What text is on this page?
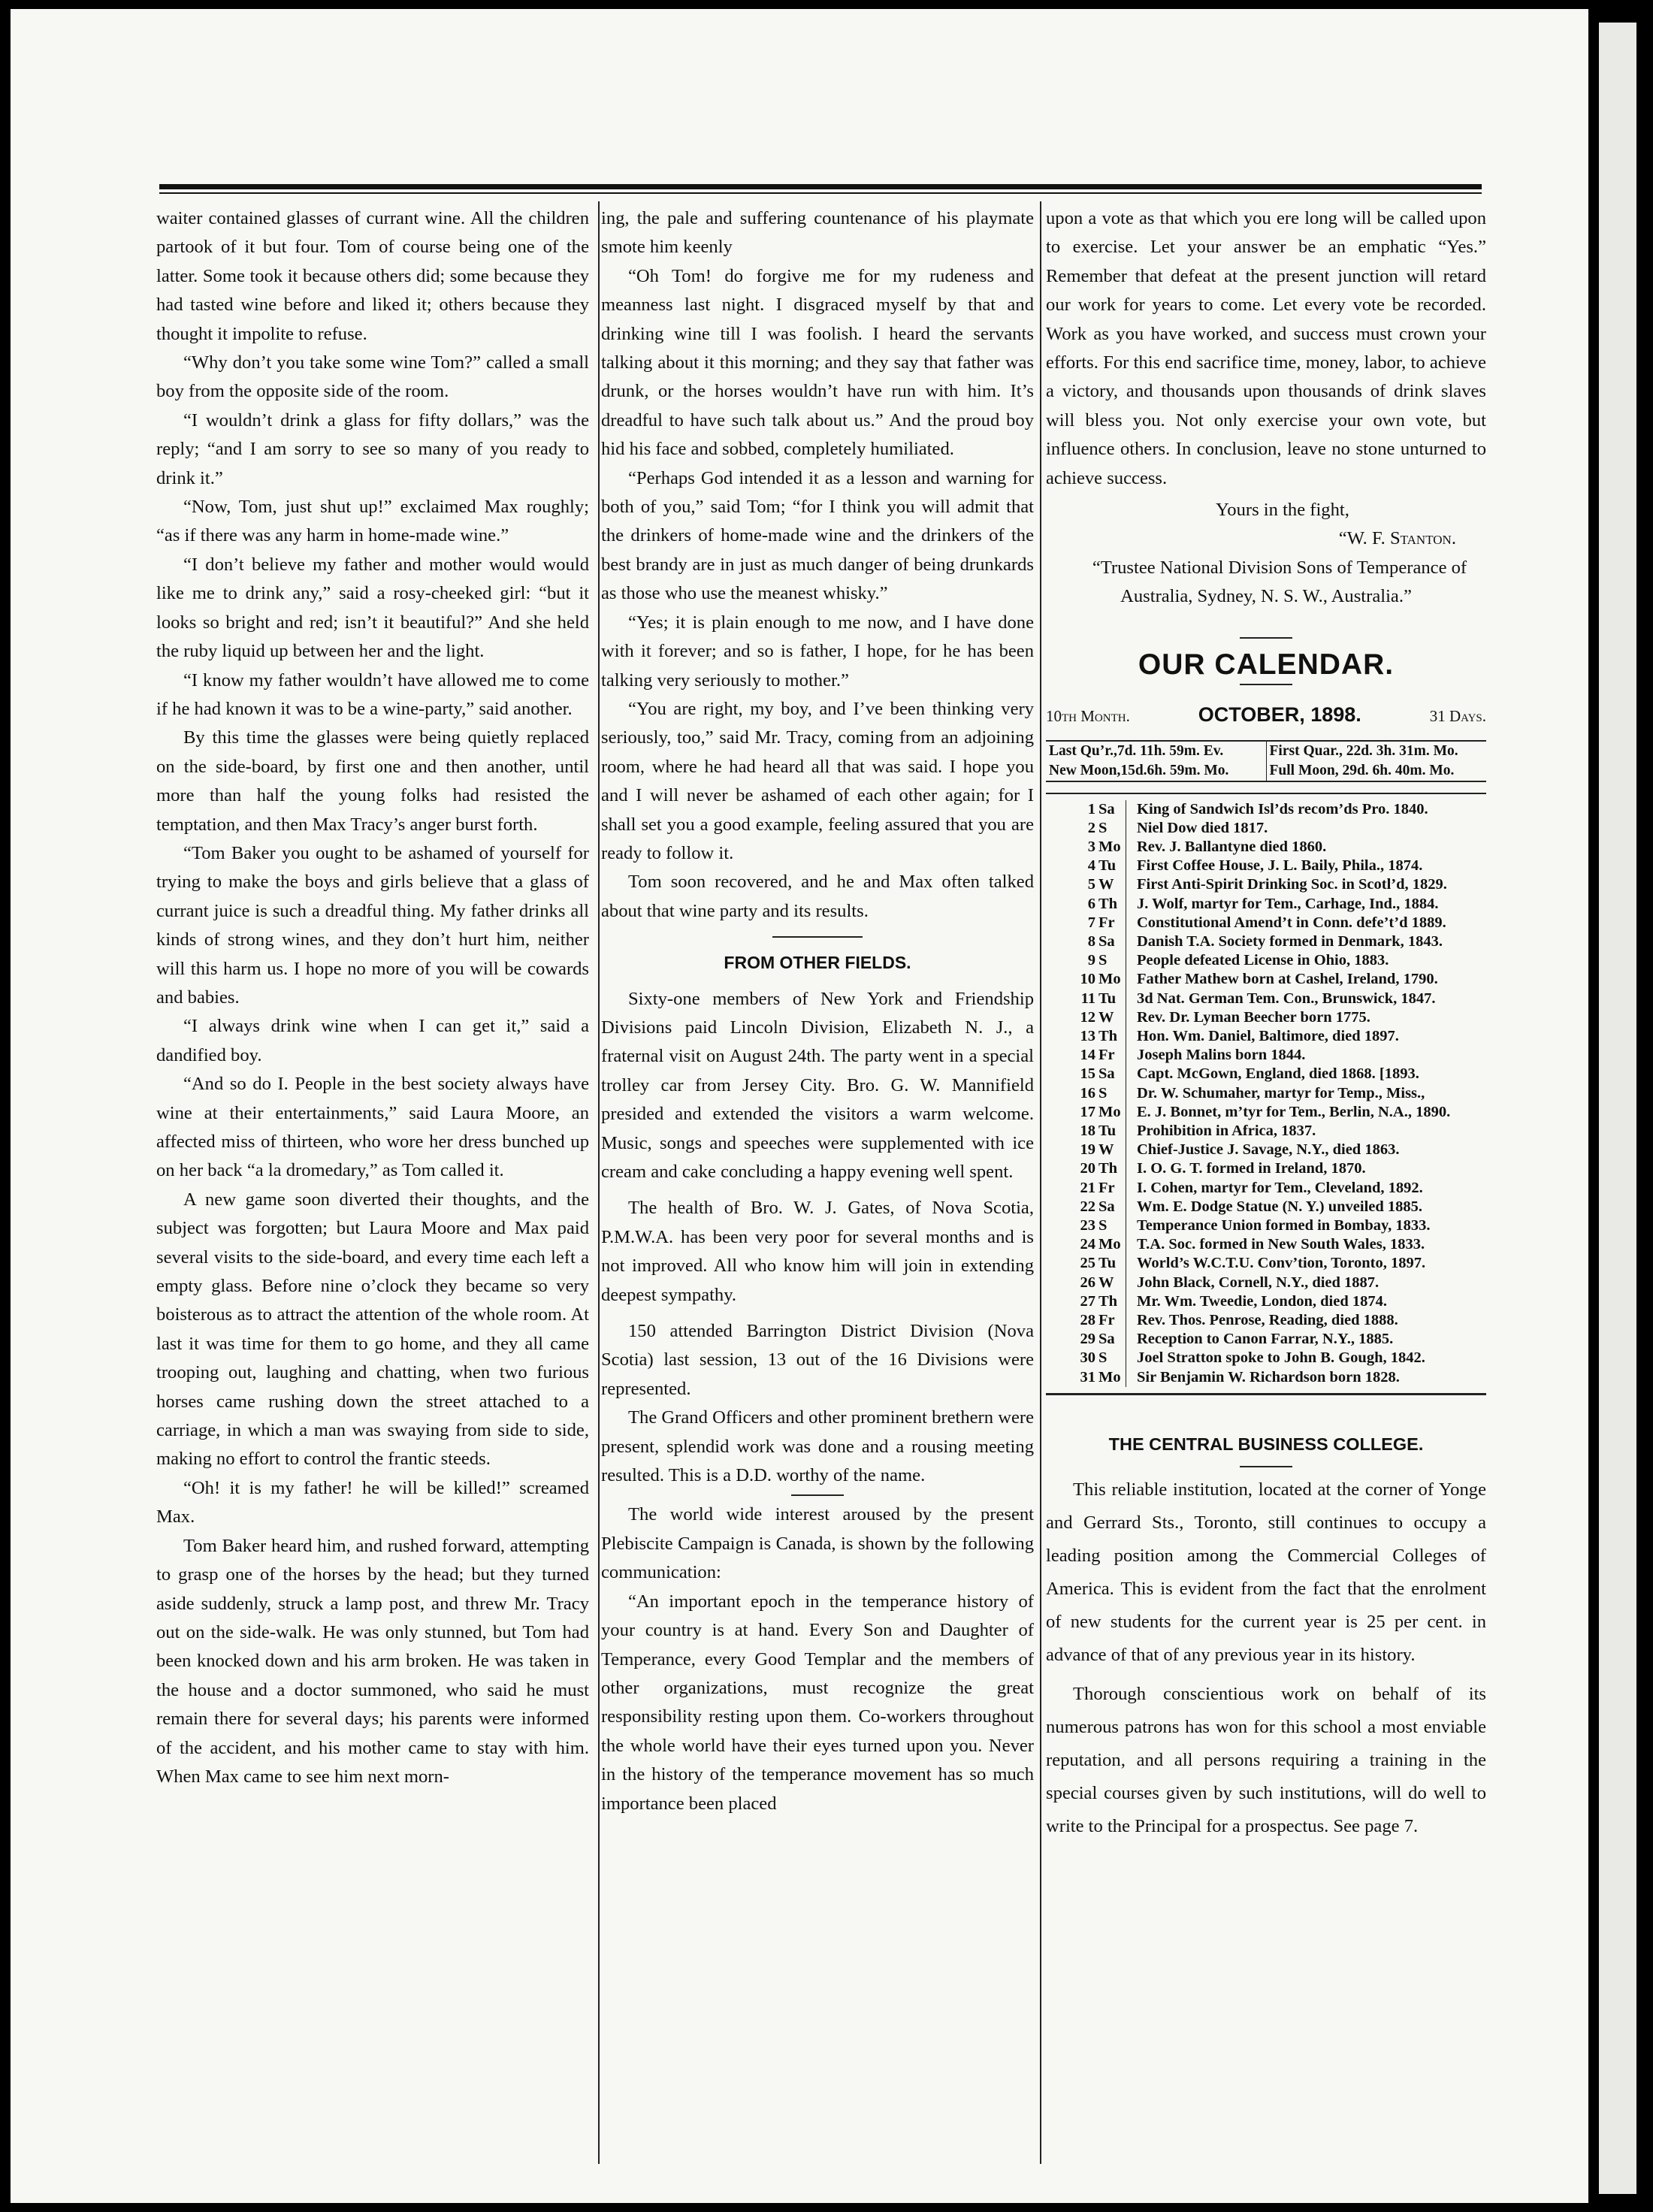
waiter contained glasses of currant wine. All the children partook of it but four. Tom of course being one of the latter. Some took it because others did; some because they had tasted wine before and liked it; others because they thought it impolite to refuse.

“Why don’t you take some wine Tom?” called a small boy from the opposite side of the room.

“I wouldn’t drink a glass for fifty dollars,” was the reply; “and I am sorry to see so many of you ready to drink it.”

“Now, Tom, just shut up!” exclaimed Max roughly; “as if there was any harm in home-made wine.”

“I don’t believe my father and mother would would like me to drink any,” said a rosy-cheeked girl: “but it looks so bright and red; isn’t it beautiful?” And she held the ruby liquid up between her and the light.

“I know my father wouldn’t have allowed me to come if he had known it was to be a wine-party,” said another.

By this time the glasses were being quietly replaced on the side-board, by first one and then another, until more than half the young folks had resisted the temptation, and then Max Tracy’s anger burst forth.

“Tom Baker you ought to be ashamed of yourself for trying to make the boys and girls believe that a glass of currant juice is such a dreadful thing. My father drinks all kinds of strong wines, and they don’t hurt him, neither will this harm us. I hope no more of you will be cowards and babies.

“I always drink wine when I can get it,” said a dandified boy.

“And so do I. People in the best society always have wine at their entertainments,” said Laura Moore, an affected miss of thirteen, who wore her dress bunched up on her back “a la dromedary,” as Tom called it.

A new game soon diverted their thoughts, and the subject was forgotten; but Laura Moore and Max paid several visits to the side-board, and every time each left a empty glass. Before nine o’clock they became so very boisterous as to attract the attention of the whole room. At last it was time for them to go home, and they all came trooping out, laughing and chatting, when two furious horses came rushing down the street attached to a carriage, in which a man was swaying from side to side, making no effort to control the frantic steeds.

“Oh! it is my father! he will be killed!” screamed Max.

Tom Baker heard him, and rushed forward, attempting to grasp one of the horses by the head; but they turned aside suddenly, struck a lamp post, and threw Mr. Tracy out on the side-walk. He was only stunned, but Tom had been knocked down and his arm broken. He was taken in the house and a doctor summoned, who said he must remain there for several days; his parents were informed of the accident, and his mother came to stay with him. When Max came to see him next morn-

ing, the pale and suffering countenance of his playmate smote him keenly

“Oh Tom! do forgive me for my rudeness and meanness last night. I disgraced myself by that and drinking wine till I was foolish. I heard the servants talking about it this morning; and they say that father was drunk, or the horses wouldn’t have run with him. It’s dreadful to have such talk about us.” And the proud boy hid his face and sobbed, completely humiliated.

“Perhaps God intended it as a lesson and warning for both of you,” said Tom; “for I think you will admit that the drinkers of home-made wine and the drinkers of the best brandy are in just as much danger of being drunkards as those who use the meanest whisky.”

“Yes; it is plain enough to me now, and I have done with it forever; and so is father, I hope, for he has been talking very seriously to mother.”

“You are right, my boy, and I’ve been thinking very seriously, too,” said Mr. Tracy, coming from an adjoining room, where he had heard all that was said. I hope you and I will never be ashamed of each other again; for I shall set you a good example, feeling assured that you are ready to follow it.

Tom soon recovered, and he and Max often talked about that wine party and its results.

FROM OTHER FIELDS.

Sixty-one members of New York and Friendship Divisions paid Lincoln Division, Elizabeth N. J., a fraternal visit on August 24th. The party went in a special trolley car from Jersey City. Bro. G. W. Mannifield presided and extended the visitors a warm welcome. Music, songs and speeches were supplemented with ice cream and cake concluding a happy evening well spent.

The health of Bro. W. J. Gates, of Nova Scotia, P.M.W.A. has been very poor for several months and is not improved. All who know him will join in extending deepest sympathy.

150 attended Barrington District Division (Nova Scotia) last session, 13 out of the 16 Divisions were represented.

The Grand Officers and other prominent brethern were present, splendid work was done and a rousing meeting resulted. This is a D.D. worthy of the name.

The world wide interest aroused by the present Plebiscite Campaign is Canada, is shown by the following communication:

“An important epoch in the temperance history of your country is at hand. Every Son and Daughter of Temperance, every Good Templar and the members of other organizations, must recognize the great responsibility resting upon them. Co-workers throughout the whole world have their eyes turned upon you. Never in the history of the temperance movement has so much importance been placed

upon a vote as that which you ere long will be called upon to exercise. Let your answer be an emphatic “Yes.” Remember that defeat at the present junction will retard our work for years to come. Let every vote be recorded. Work as you have worked, and success must crown your efforts. For this end sacrifice time, money, labor, to achieve a victory, and thousands upon thousands of drink slaves will bless you. Not only exercise your own vote, but influence others. In conclusion, leave no stone unturned to achieve success.

Yours in the fight,

“W. F. Stanton.

“Trustee National Division Sons of Temperance of Australia, Sydney, N. S. W., Australia.”

OUR CALENDAR.
10th Month.	OCTOBER, 1898.	31 Days.
Last Qu’r.,7d. 11h. 59m. Ev.	First Quar., 22d. 3h. 31m. Mo.
New Moon,15d.6h. 59m. Mo.	Full Moon, 29d. 6h. 40m. Mo.
1 Sa	King of Sandwich Isl’ds recom’ds Pro. 1840.
2 S	Niel Dow died 1817.
3 Mo	Rev. J. Ballantyne died 1860.
4 Tu	First Coffee House, J. L. Baily, Phila., 1874.
5 W	First Anti-Spirit Drinking Soc. in Scotl’d, 1829.
6 Th	J. Wolf, martyr for Tem., Carhage, Ind., 1884.
7 Fr	Constitutional Amend’t in Conn. defe’t’d 1889.
8 Sa	Danish T.A. Society formed in Denmark, 1843.
9 S	People defeated License in Ohio, 1883.
10 Mo	Father Mathew born at Cashel, Ireland, 1790.
11 Tu	3d Nat. German Tem. Con., Brunswick, 1847.
12 W	Rev. Dr. Lyman Beecher born 1775.
13 Th	Hon. Wm. Daniel, Baltimore, died 1897.
14 Fr	Joseph Malins born 1844.
15 Sa	Capt. McGown, England, died 1868. [1893.
16 S	Dr. W. Schumaher, martyr for Temp., Miss.,
17 Mo	E. J. Bonnet, m’tyr for Tem., Berlin, N.A., 1890.
18 Tu	Prohibition in Africa, 1837.
19 W	Chief-Justice J. Savage, N.Y., died 1863.
20 Th	I. O. G. T. formed in Ireland, 1870.
21 Fr	I. Cohen, martyr for Tem., Cleveland, 1892.
22 Sa	Wm. E. Dodge Statue (N. Y.) unveiled 1885.
23 S	Temperance Union formed in Bombay, 1833.
24 Mo	T.A. Soc. formed in New South Wales, 1833.
25 Tu	World’s W.C.T.U. Conv’tion, Toronto, 1897.
26 W	John Black, Cornell, N.Y., died 1887.
27 Th	Mr. Wm. Tweedie, London, died 1874.
28 Fr	Rev. Thos. Penrose, Reading, died 1888.
29 Sa	Reception to Canon Farrar, N.Y., 1885.
30 S	Joel Stratton spoke to John B. Gough, 1842.
31 Mo	Sir Benjamin W. Richardson born 1828.
THE CENTRAL BUSINESS COLLEGE.

This reliable institution, located at the corner of Yonge and Gerrard Sts., Toronto, still continues to occupy a leading position among the Commercial Colleges of America. This is evident from the fact that the enrolment of new students for the current year is 25 per cent. in advance of that of any previous year in its history.

Thorough conscientious work on behalf of its numerous patrons has won for this school a most enviable reputation, and all persons requiring a training in the special courses given by such institutions, will do well to write to the Principal for a prospectus. See page 7.
